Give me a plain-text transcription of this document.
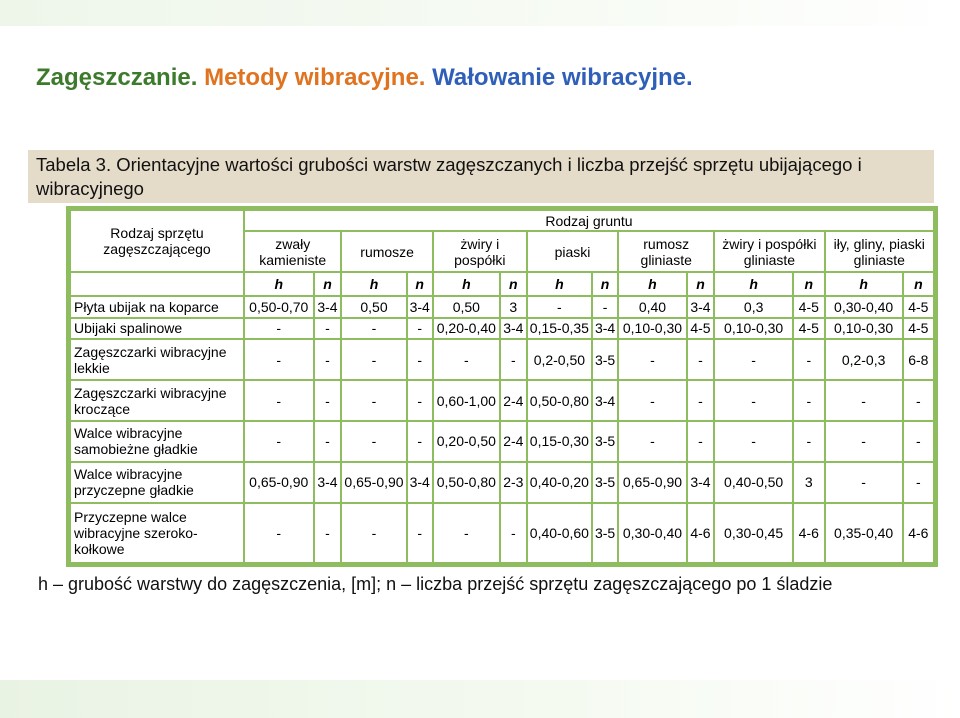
Zagęszczanie. Metody wibracyjne. Wałowanie wibracyjne.
Tabela 3. Orientacyjne wartości grubości warstw zagęszczanych i liczba przejść sprzętu ubijającego i wibracyjnego
Rodzaj sprzętu zagęszczającego	Rodzaj gruntu													
	zwały kamieniste		rumosze		żwiry i pospółki		piaski		rumosz gliniaste		żwiry i pospółki gliniaste		iły, gliny, piaski gliniaste	
	h	n	h	n	h	n	h	n	h	n	h	n	h	n
Płyta ubijak na koparce	0,50-0,70	3-4	0,50	3-4	0,50	3	-	-	0,40	3-4	0,3	4-5	0,30-0,40	4-5
Ubijaki spalinowe	-	-	-	-	0,20-0,40	3-4	0,15-0,35	3-4	0,10-0,30	4-5	0,10-0,30	4-5	0,10-0,30	4-5
Zagęszczarki wibracyjne lekkie	-	-	-	-	-	-	0,2-0,50	3-5	-	-	-	-	0,2-0,3	6-8
Zagęszczarki wibracyjne kroczące	-	-	-	-	0,60-1,00	2-4	0,50-0,80	3-4	-	-	-	-	-	-
Walce wibracyjne samobieżne gładkie	-	-	-	-	0,20-0,50	2-4	0,15-0,30	3-5	-	-	-	-	-	-
Walce wibracyjne przyczepne gładkie	0,65-0,90	3-4	0,65-0,90	3-4	0,50-0,80	2-3	0,40-0,20	3-5	0,65-0,90	3-4	0,40-0,50	3	-	-
Przyczepne walce wibracyjne szeroko-kołkowe	-	-	-	-	-	-	0,40-0,60	3-5	0,30-0,40	4-6	0,30-0,45	4-6	0,35-0,40	4-6
h – grubość warstwy do zagęszczenia, [m]; n – liczba przejść sprzętu zagęszczającego po 1 śladzie
